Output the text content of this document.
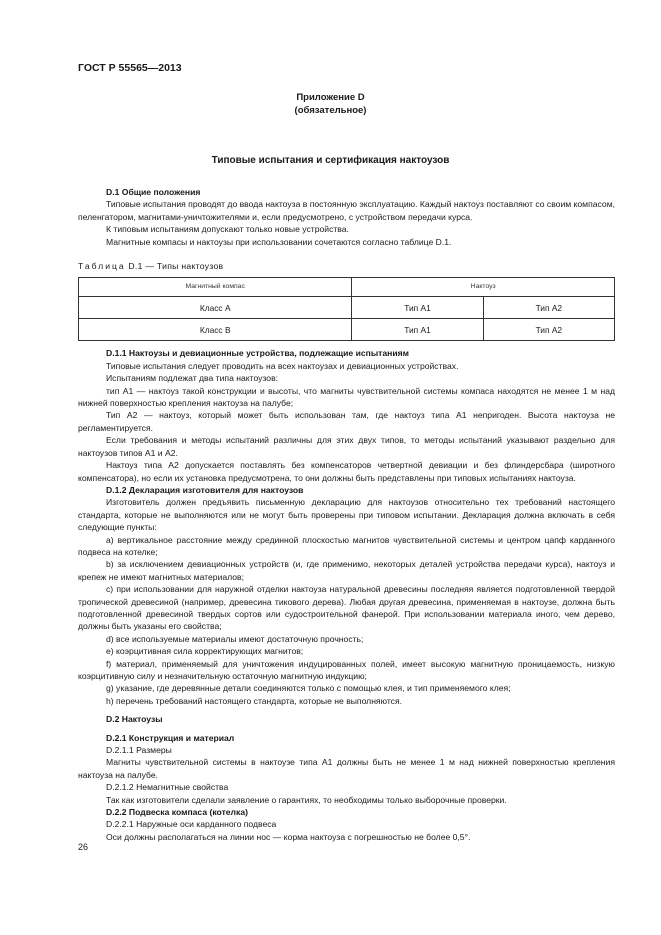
ГОСТ Р 55565—2013
Приложение D
(обязательное)
Типовые испытания и сертификация нактоузов

D.1 Общие положения

Типовые испытания проводят до ввода нактоуза в постоянную эксплуатацию. Каждый нактоуз поставляют со своим компасом, пеленгатором, магнитами-уничтожителями и, если предусмотрено, с устройством передачи курса.

К типовым испытаниям допускают только новые устройства.

Магнитные компасы и нактоузы при использовании сочетаются согласно таблице D.1.

Таблица D.1 — Типы нактоузов

Магнитный компас	Нактоуз	
Класс А	Тип А1	Тип А2
Класс В	Тип А1	Тип А2

D.1.1 Нактоузы и девиационные устройства, подлежащие испытаниям

Типовые испытания следует проводить на всех нактоузах и девиационных устройствах.

Испытаниям подлежат два типа нактоузов:

тип А1 — нактоуз такой конструкции и высоты, что магниты чувствительной системы компаса находятся не менее 1 м над нижней поверхностью крепления нактоуза на палубе;

Тип А2 — нактоуз, который может быть использован там, где нактоуз типа А1 непригоден. Высота нактоуза не регламентируется.

Если требования и методы испытаний различны для этих двух типов, то методы испытаний указывают раздельно для нактоузов типов А1 и А2.

Нактоуз типа А2 допускается поставлять без компенсаторов четвертной девиации и без флиндерсбара (широтного компенсатора), но если их установка предусмотрена, то они должны быть представлены при типовых испытаниях нактоуза.

D.1.2 Декларация изготовителя для нактоузов

Изготовитель должен предъявить письменную декларацию для нактоузов относительно тех требований настоящего стандарта, которые не выполняются или не могут быть проверены при типовом испытании. Декларация должна включать в себя следующие пункты:

а) вертикальное расстояние между срединной плоскостью магнитов чувствительной системы и центром цапф карданного подвеса на котелке;

b) за исключением девиационных устройств (и, где применимо, некоторых деталей устройства передачи курса), нактоуз и крепеж не имеют магнитных материалов;

c) при использовании для наружной отделки нактоуза натуральной древесины последняя является подготовленной твердой тропической древесиной (например, древесина тикового дерева). Любая другая древесина, применяемая в нактоузе, должна быть подготовленной древесиной твердых сортов или судостроительной фанерой. При использовании материала иного, чем дерево, должны быть указаны его свойства;

d) все используемые материалы имеют достаточную прочность;

e) коэрцитивная сила корректирующих магнитов;

f) материал, применяемый для уничтожения индуцированных полей, имеет высокую магнитную проницаемость, низкую коэрцитивную силу и незначительную остаточную магнитную индукцию;

g) указание, где деревянные детали соединяются только с помощью клея, и тип применяемого клея;

h) перечень требований настоящего стандарта, которые не выполняются.

D.2 Нактоузы

D.2.1 Конструкция и материал

D.2.1.1 Размеры

Магниты чувствительной системы в нактоузе типа А1 должны быть не менее 1 м над нижней поверхностью крепления нактоуза на палубе.

D.2.1.2 Немагнитные свойства

Так как изготовители сделали заявление о гарантиях, то необходимы только выборочные проверки.

D.2.2 Подвеска компаса (котелка)

D.2.2.1 Наружные оси карданного подвеса

Оси должны располагаться на линии нос — корма нактоуза с погрешностью не более 0,5°.

26
